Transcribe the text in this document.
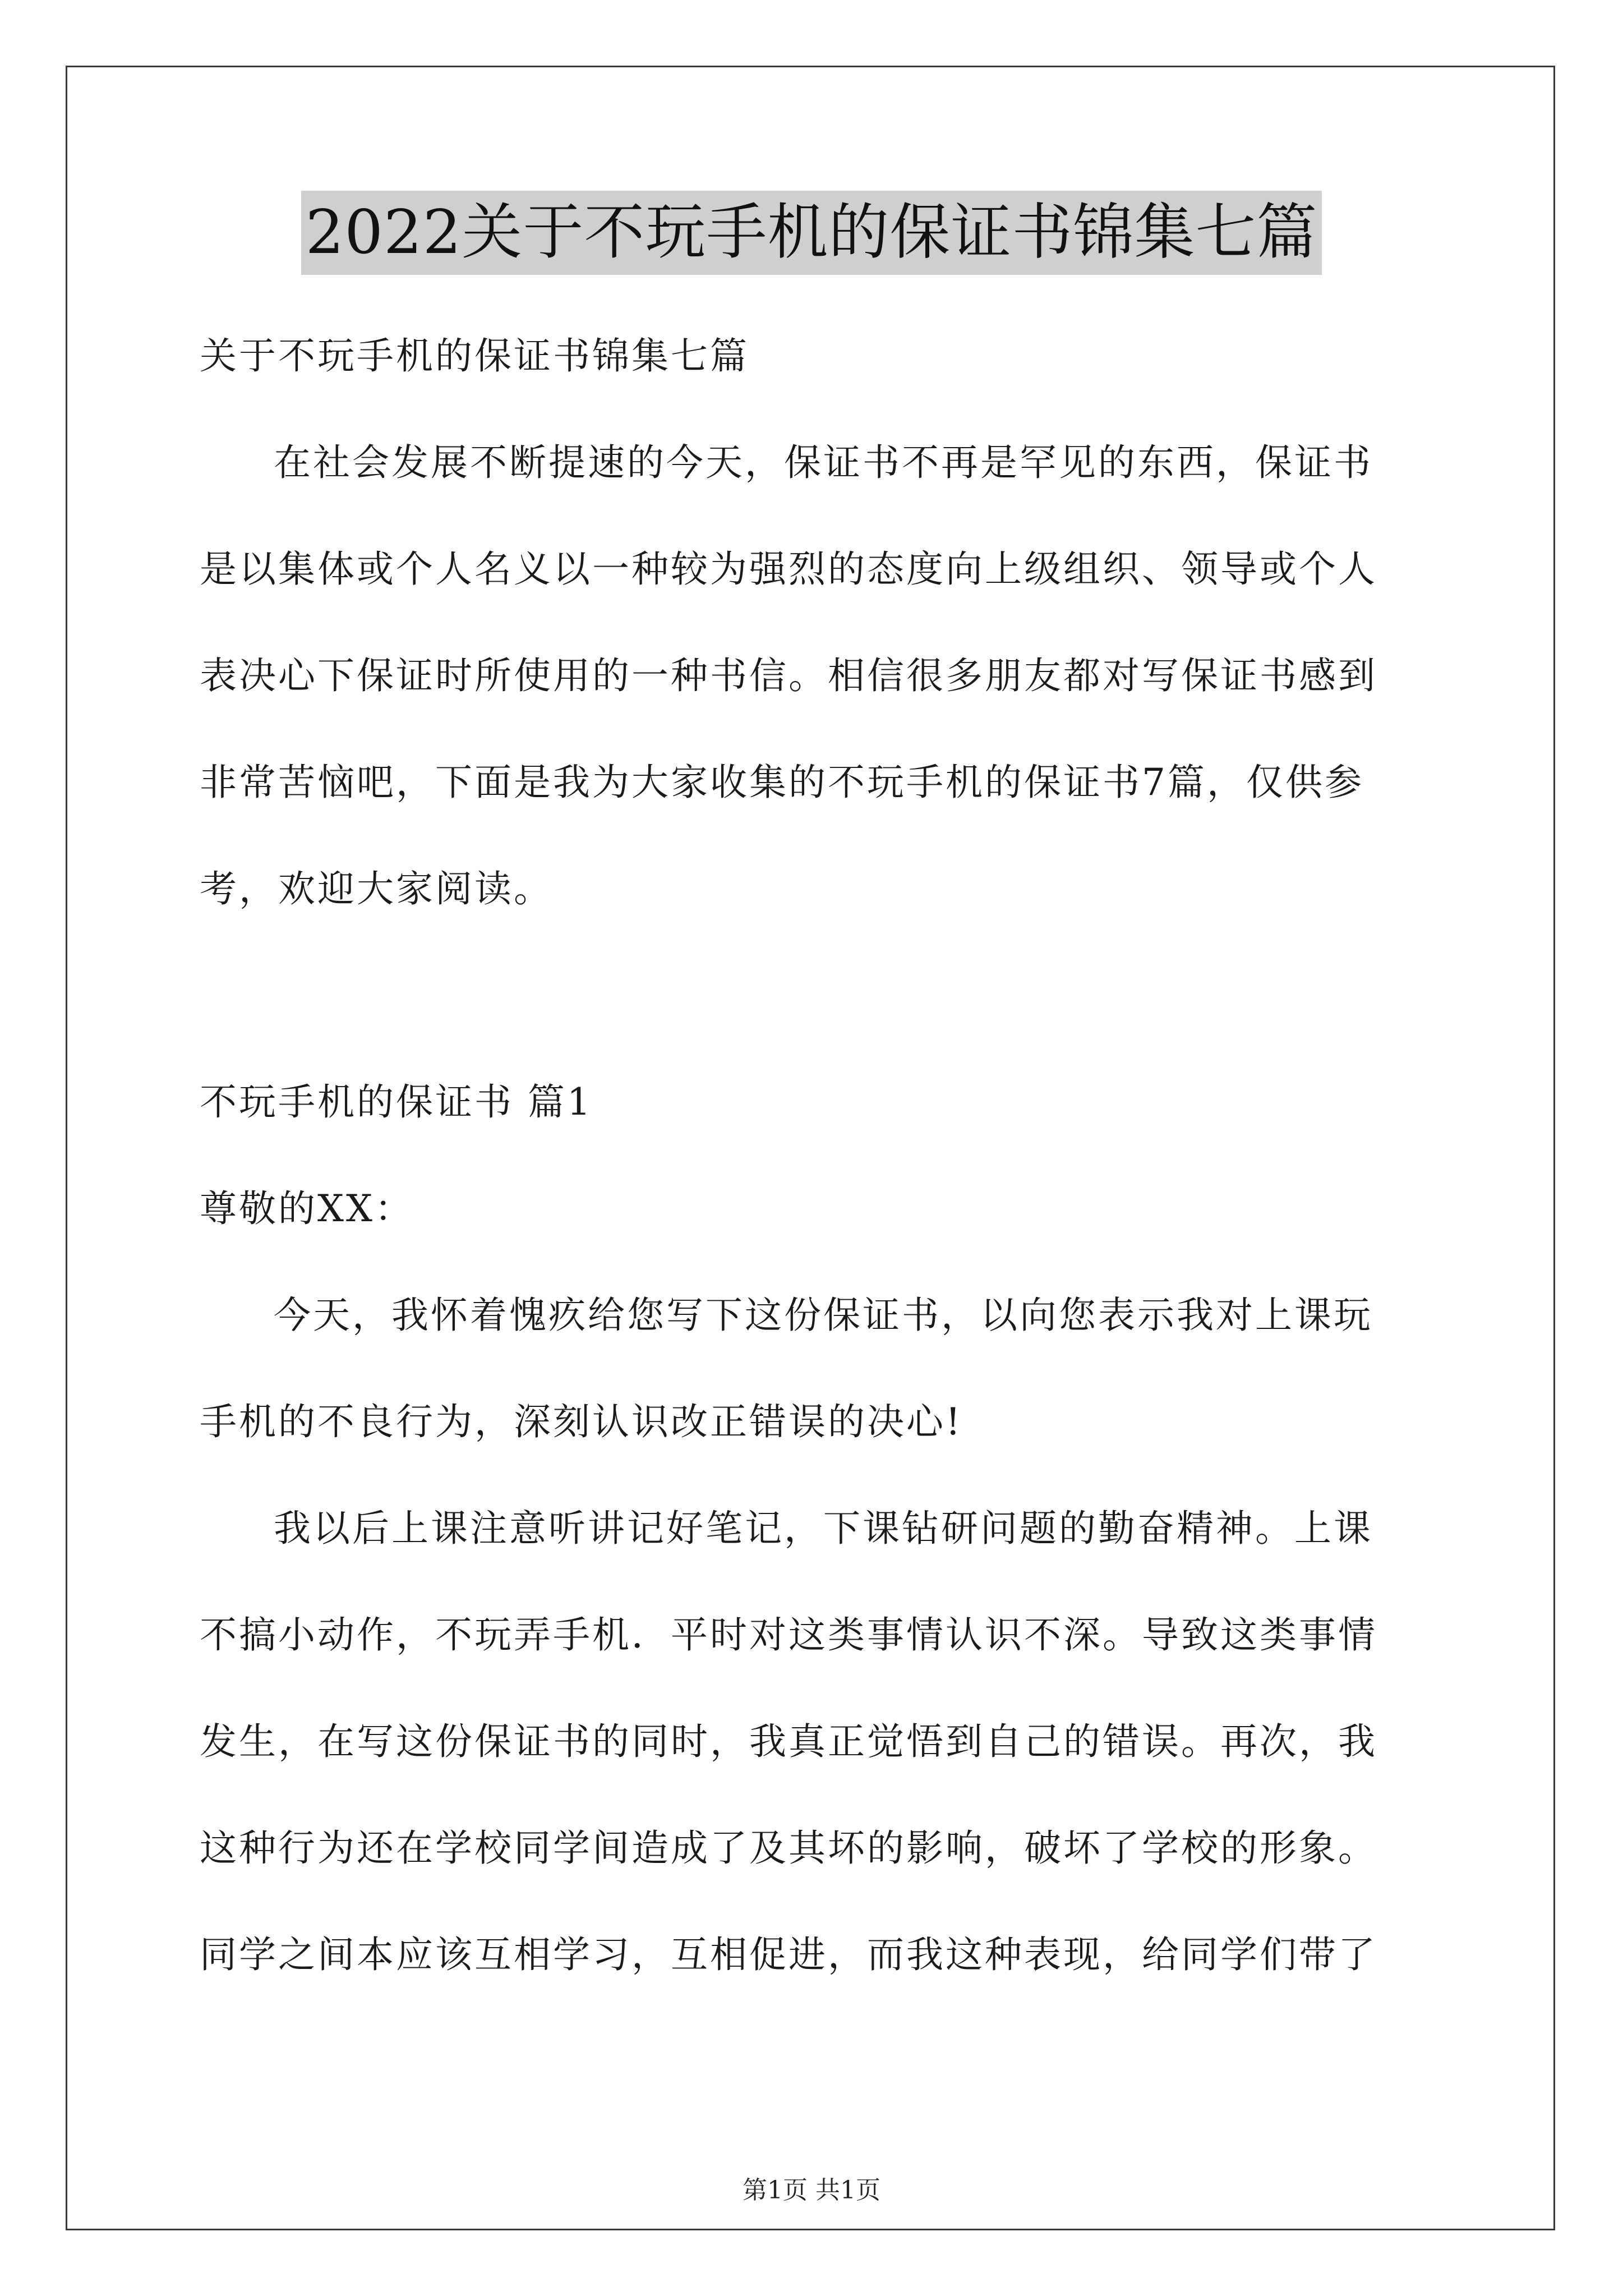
2022关于不玩手机的保证书锦集七篇
关于不玩手机的保证书锦集七篇
在社会发展不断提速的今天，保证书不再是罕见的东西，保证书
是以集体或个人名义以一种较为强烈的态度向上级组织、领导或个人
表决心下保证时所使用的一种书信。相信很多朋友都对写保证书感到
非常苦恼吧，下面是我为大家收集的不玩手机的保证书7篇，仅供参
考，欢迎大家阅读。
不玩手机的保证书 篇1
尊敬的XX：
今天，我怀着愧疚给您写下这份保证书，以向您表示我对上课玩
手机的不良行为，深刻认识改正错误的决心!
我以后上课注意听讲记好笔记，下课钻研问题的勤奋精神。上课
不搞小动作，不玩弄手机．平时对这类事情认识不深。导致这类事情
发生，在写这份保证书的同时，我真正觉悟到自己的错误。再次，我
这种行为还在学校同学间造成了及其坏的影响，破坏了学校的形象。
同学之间本应该互相学习，互相促进，而我这种表现，给同学们带了
第1页 共1页
